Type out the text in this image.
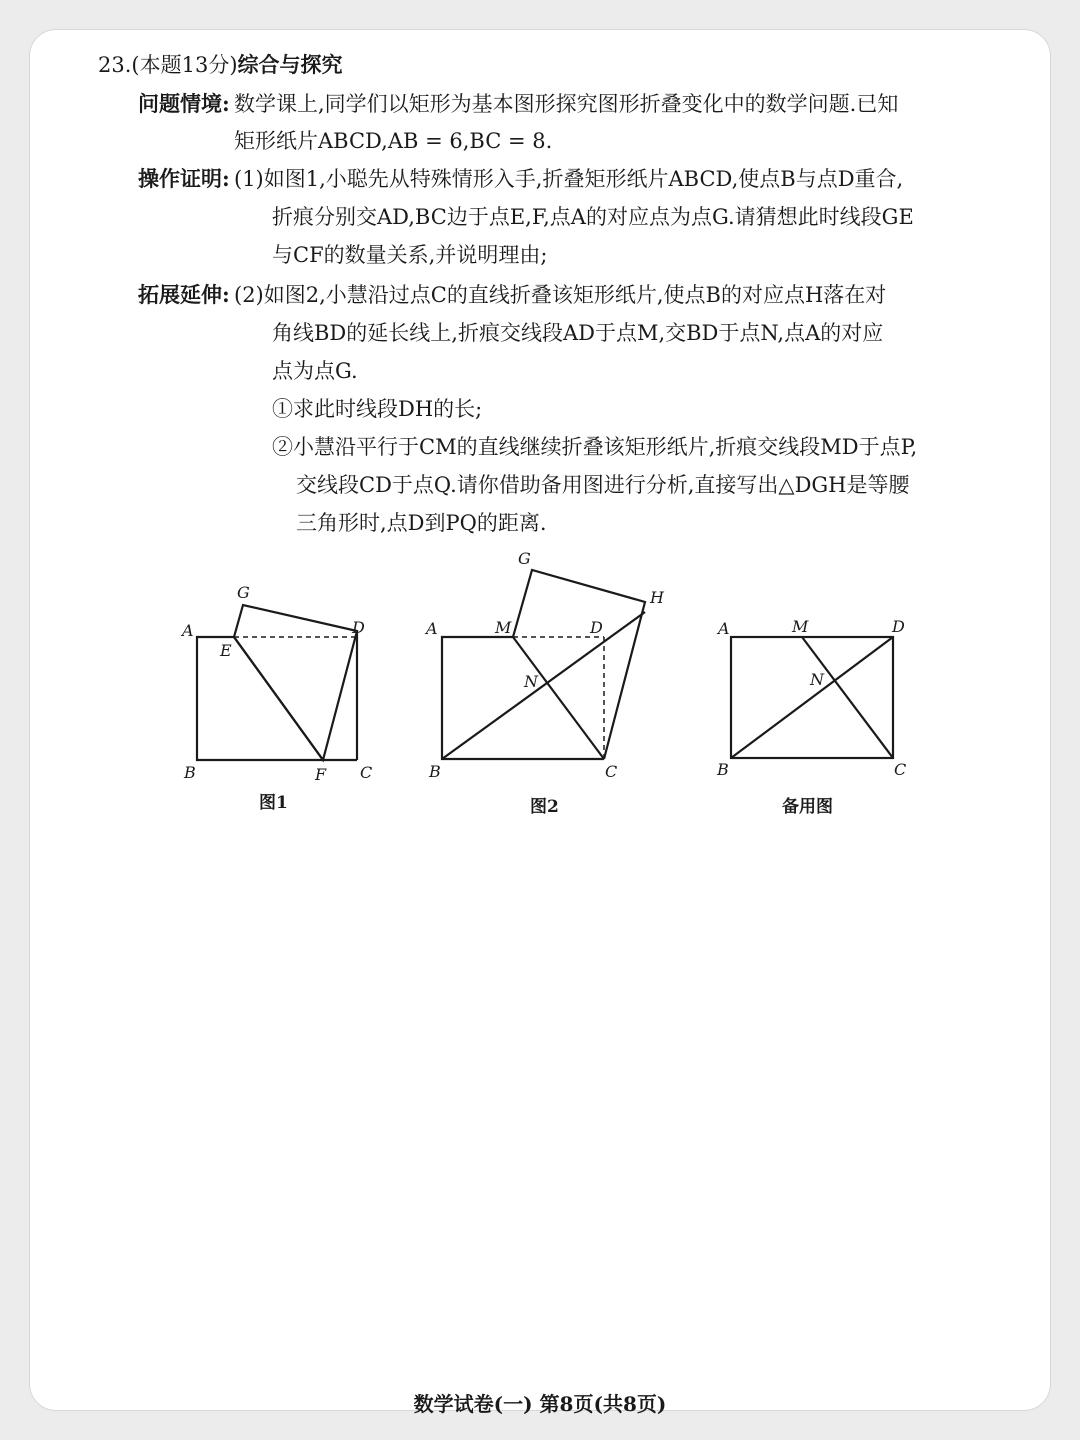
23.(本题13分)综合与探究
问题情境: 数学课上,同学们以矩形为基本图形探究图形折叠变化中的数学问题.已知
矩形纸片ABCD,AB = 6,BC = 8.
操作证明: (1)如图1,小聪先从特殊情形入手,折叠矩形纸片ABCD,使点B与点D重合,
折痕分别交AD,BC边于点E,F,点A的对应点为点G.请猜想此时线段GE
与CF的数量关系,并说明理由;
拓展延伸: (2)如图2,小慧沿过点C的直线折叠该矩形纸片,使点B的对应点H落在对
角线BD的延长线上,折痕交线段AD于点M,交BD于点N,点A的对应
点为点G.
①求此时线段DH的长;
②小慧沿平行于CM的直线继续折叠该矩形纸片,折痕交线段MD于点P,
交线段CD于点Q.请你借助备用图进行分析,直接写出△DGH是等腰
三角形时,点D到PQ的距离.
A
G
D
E
B	F C
图1
A
G
M	D
H
N
B	C
图2
A	M	D
N
B	C
备用图
数学试卷(一) 第8页(共8页)
